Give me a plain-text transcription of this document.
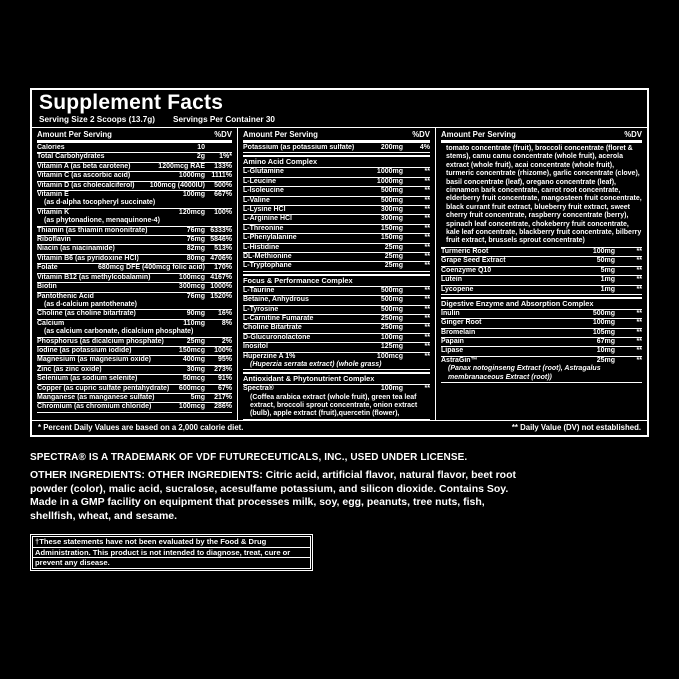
Supplement Facts
Serving Size 2 Scoops (13.7g) Servings Per Container 30
Amount Per Serving	%DV
Calories	10
Total Carbohydrates	2g	1%*
Vitamin A (as beta carotene)	1200mcg RAE	133%
Vitamin C (as ascorbic acid)	1000mg 1111%
Vitamin D (as cholecalciferol)	100mcg (4000IU)	500%
Vitamin E	100mg	667%
(as d-alpha tocopheryl succinate)
Vitamin K	120mcg	100%
(as phytonadione, menaquinone-4)
Thiamin (as thiamin mononitrate)	76mg 6333%
Riboflavin	76mg 5846%
Niacin (as niacinamide)	82mg	513%
Vitamin B6 (as pyridoxine HCl)	80mg 4706%
Folate	680mcg DFE (400mcg folic acid)	170%
Vitamin B12 (as methylcobalamin)	100mcg 4167%
Biotin	300mcg 1000%
Pantothenic Acid	76mg 1520%
(as d-calcium pantothenate)
Choline (as choline bitartrate)	90mg	16%
Calcium	110mg	8%
(as calcium carbonate, dicalcium phosphate)
Phosphorus (as dicalcium phosphate)	25mg	2%
Iodine (as potassium iodide)	150mcg	100%
Magnesium (as magnesium oxide)	400mg	95%
Zinc (as zinc oxide)	30mg	273%
Selenium (as sodium selenite)	50mcg	91%
Copper (as cupric sulfate pentahydrate)	600mcg	67%
Manganese (as manganese sulfate)	5mg	217%
Chromium (as chromium chloride)	100mcg	286%
Amount Per Serving	%DV
Potassium (as potassium sulfate)	200mg	4%
Amino Acid Complex
L-Glutamine	1000mg	**
L-Leucine	1000mg	**
L-Isoleucine	500mg	**
L-Valine	500mg	**
L-Lysine HCl	300mg	**
L-Arginine HCl	300mg	**
L-Threonine	150mg	**
L-Phenylalanine	150mg	**
L-Histidine	25mg	**
DL-Methionine	25mg	**
L-Tryptophane	25mg	**
Focus & Performance Complex
L-Taurine	500mg	**
Betaine, Anhydrous	500mg	**
L-Tyrosine	500mg	**
L-Carnitine Fumarate	250mg	**
Choline Bitartrate	250mg	**
D-Glucuronolactone	100mg	**
Inositol	125mg	**
Huperzine A 1%	100mcg	**
(Huperzia serrata extract) (whole grass)
Antioxidant & Phytonutrient Complex
Spectra®	100mg	**
(Coffea arabica extract (whole fruit), green tea leaf extract, broccoli sprout concentrate, onion extract (bulb), apple extract (fruit),quercetin (flower),
Amount Per Serving	%DV
tomato concentrate (fruit), broccoli concentrate (floret & stems), camu camu concentrate (whole fruit), acerola extract (whole fruit), acai concentrate (whole fruit), turmeric concentrate (rhizome), garlic concentrate (clove), basil concentrate (leaf), oregano concentrate (leaf), cinnamon bark concentrate, carrot root concentrate, elderberry fruit concentrate, mangosteen fruit concentrate, black currant fruit extract, blueberry fruit extract, sweet cherry fruit concentrate, raspberry concentrate (berry), spinach leaf concentrate, chokeberry fruit concentrate, kale leaf concentrate, blackberry fruit concentrate, bilberry fruit extract, brussels sprout concentrate)
Turmeric Root	100mg	**
Grape Seed Extract	50mg	**
Coenzyme Q10	5mg	**
Lutein	1mg	**
Lycopene	1mg	**
Digestive Enzyme and Absorption Complex
Inulin	500mg	**
Ginger Root	100mg	**
Bromelain	105mg	**
Papain	67mg	**
Lipase	10mg	**
AstraGin™	25mg	**
(Panax notoginseng Extract (root), Astragalus membranaceous Extract (root))
* Percent Daily Values are based on a 2,000 calorie diet.	** Daily Value (DV) not established.
SPECTRA® IS A TRADEMARK OF VDF FUTURECEUTICALS, INC., USED UNDER LICENSE.
OTHER INGREDIENTS: OTHER INGREDIENTS: Citric acid, artificial flavor, natural flavor, beet root powder (color), malic acid, sucralose, acesulfame potassium, and silicon dioxide. Contains Soy. Made in a GMP facility on equipment that processes milk, soy, egg, peanuts, tree nuts, fish, shellfish, wheat, and sesame.
†These statements have not been evaluated by the Food & Drug
Administration. This product is not intended to diagnose, treat, cure or
prevent any disease.
